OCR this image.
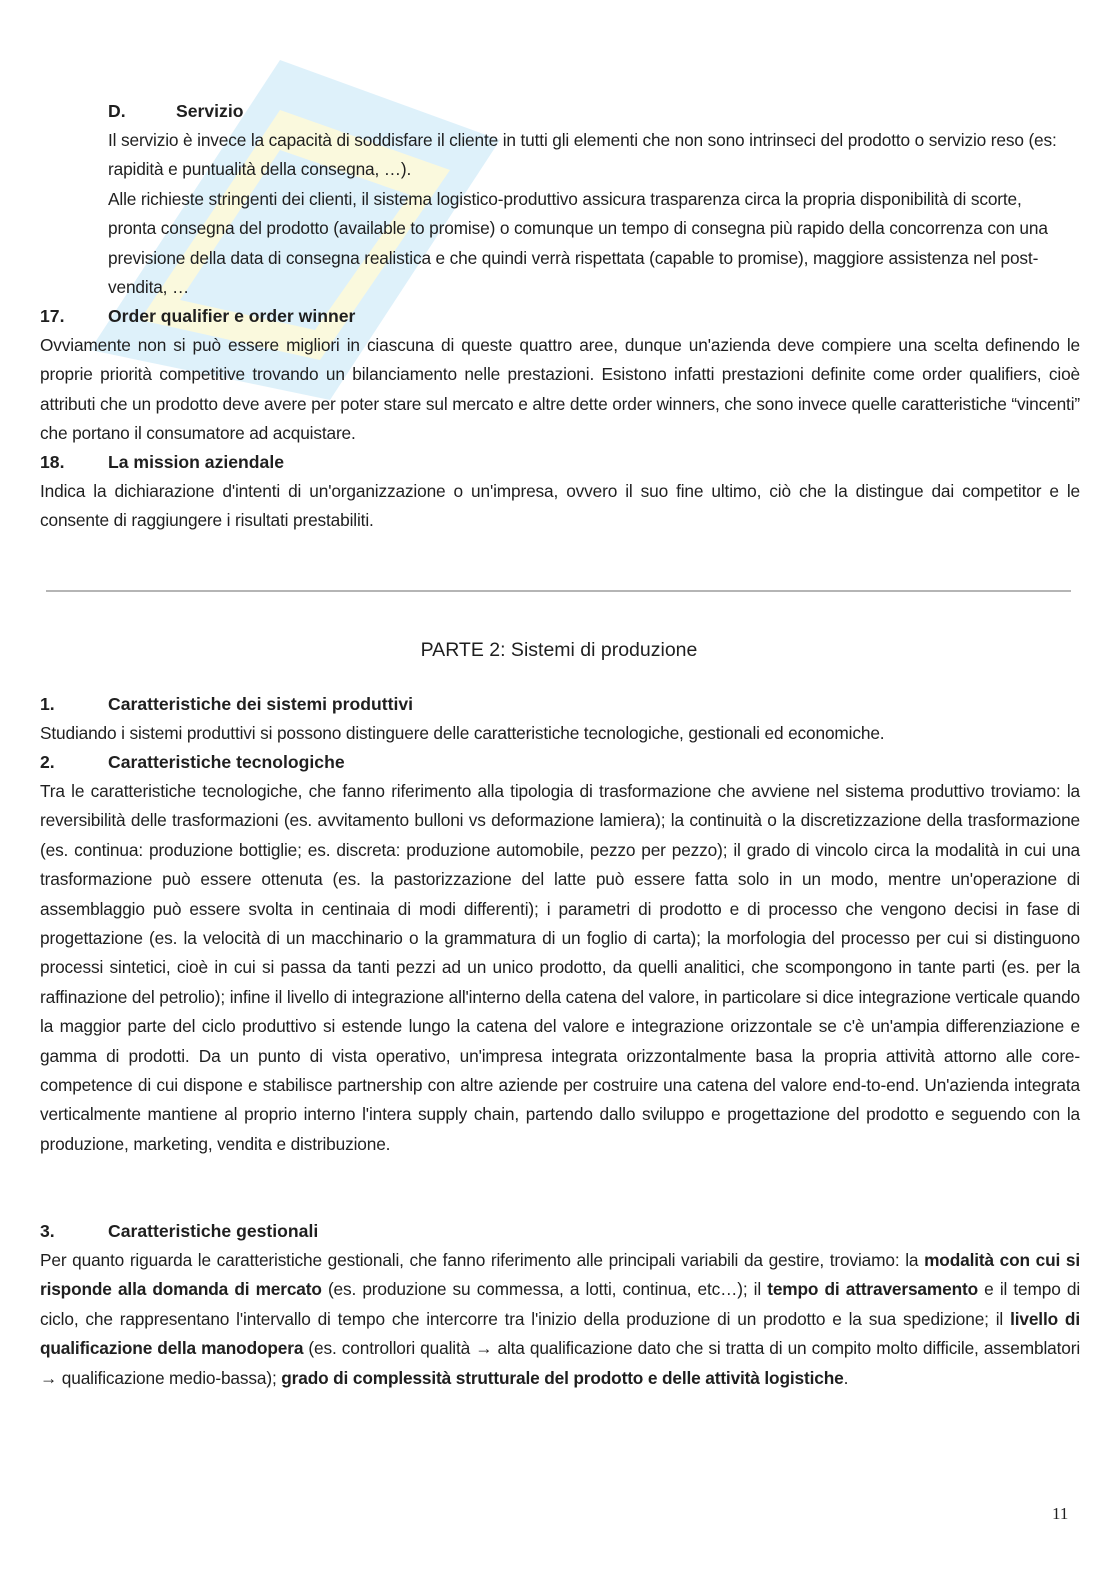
D.	Servizio
Il servizio è invece la capacità di soddisfare il cliente in tutti gli elementi che non sono intrinseci del prodotto o servizio reso (es: rapidità e puntualità della consegna, …).
Alle richieste stringenti dei clienti, il sistema logistico-produttivo assicura trasparenza circa la propria disponibilità di scorte, pronta consegna del prodotto (available to promise) o comunque un tempo di consegna più rapido della concorrenza con una previsione della data di consegna realistica e che quindi verrà rispettata (capable to promise), maggiore assistenza nel post-vendita, …
17. Order qualifier e order winner
Ovviamente non si può essere migliori in ciascuna di queste quattro aree, dunque un'azienda deve compiere una scelta definendo le proprie priorità competitive trovando un bilanciamento nelle prestazioni. Esistono infatti prestazioni definite come order qualifiers, cioè attributi che un prodotto deve avere per poter stare sul mercato e altre dette order winners, che sono invece quelle caratteristiche “vincenti” che portano il consumatore ad acquistare.
18. La mission aziendale
Indica la dichiarazione d'intenti di un'organizzazione o un'impresa, ovvero il suo fine ultimo, ciò che la distingue dai competitor e le consente di raggiungere i risultati prestabiliti.
PARTE 2: Sistemi di produzione
1.	Caratteristiche dei sistemi produttivi
Studiando i sistemi produttivi si possono distinguere delle caratteristiche tecnologiche, gestionali ed economiche.
2.	Caratteristiche tecnologiche
Tra le caratteristiche tecnologiche, che fanno riferimento alla tipologia di trasformazione che avviene nel sistema produttivo troviamo: la reversibilità delle trasformazioni (es. avvitamento bulloni vs deformazione lamiera); la continuità o la discretizzazione della trasformazione (es. continua: produzione bottiglie; es. discreta: produzione automobile, pezzo per pezzo); il grado di vincolo circa la modalità in cui una trasformazione può essere ottenuta (es. la pastorizzazione del latte può essere fatta solo in un modo, mentre un'operazione di assemblaggio può essere svolta in centinaia di modi differenti); i parametri di prodotto e di processo che vengono decisi in fase di progettazione (es. la velocità di un macchinario o la grammatura di un foglio di carta); la morfologia del processo per cui si distinguono processi sintetici, cioè in cui si passa da tanti pezzi ad un unico prodotto, da quelli analitici, che scompongono in tante parti (es. per la raffinazione del petrolio); infine il livello di integrazione all'interno della catena del valore, in particolare si dice integrazione verticale quando la maggior parte del ciclo produttivo si estende lungo la catena del valore e integrazione orizzontale se c'è un'ampia differenziazione e gamma di prodotti. Da un punto di vista operativo, un'impresa integrata orizzontalmente basa la propria attività attorno alle core-competence di cui dispone e stabilisce partnership con altre aziende per costruire una catena del valore end-to-end. Un'azienda integrata verticalmente mantiene al proprio interno l'intera supply chain, partendo dallo sviluppo e progettazione del prodotto e seguendo con la produzione, marketing, vendita e distribuzione.
3.	Caratteristiche gestionali
Per quanto riguarda le caratteristiche gestionali, che fanno riferimento alle principali variabili da gestire, troviamo: la modalità con cui si risponde alla domanda di mercato (es. produzione su commessa, a lotti, continua, etc…); il tempo di attraversamento e il tempo di ciclo, che rappresentano l'intervallo di tempo che intercorre tra l'inizio della produzione di un prodotto e la sua spedizione; il livello di qualificazione della manodopera (es. controllori qualità → alta qualificazione dato che si tratta di un compito molto difficile, assemblatori → qualificazione medio-bassa); grado di complessità strutturale del prodotto e delle attività logistiche.
11
